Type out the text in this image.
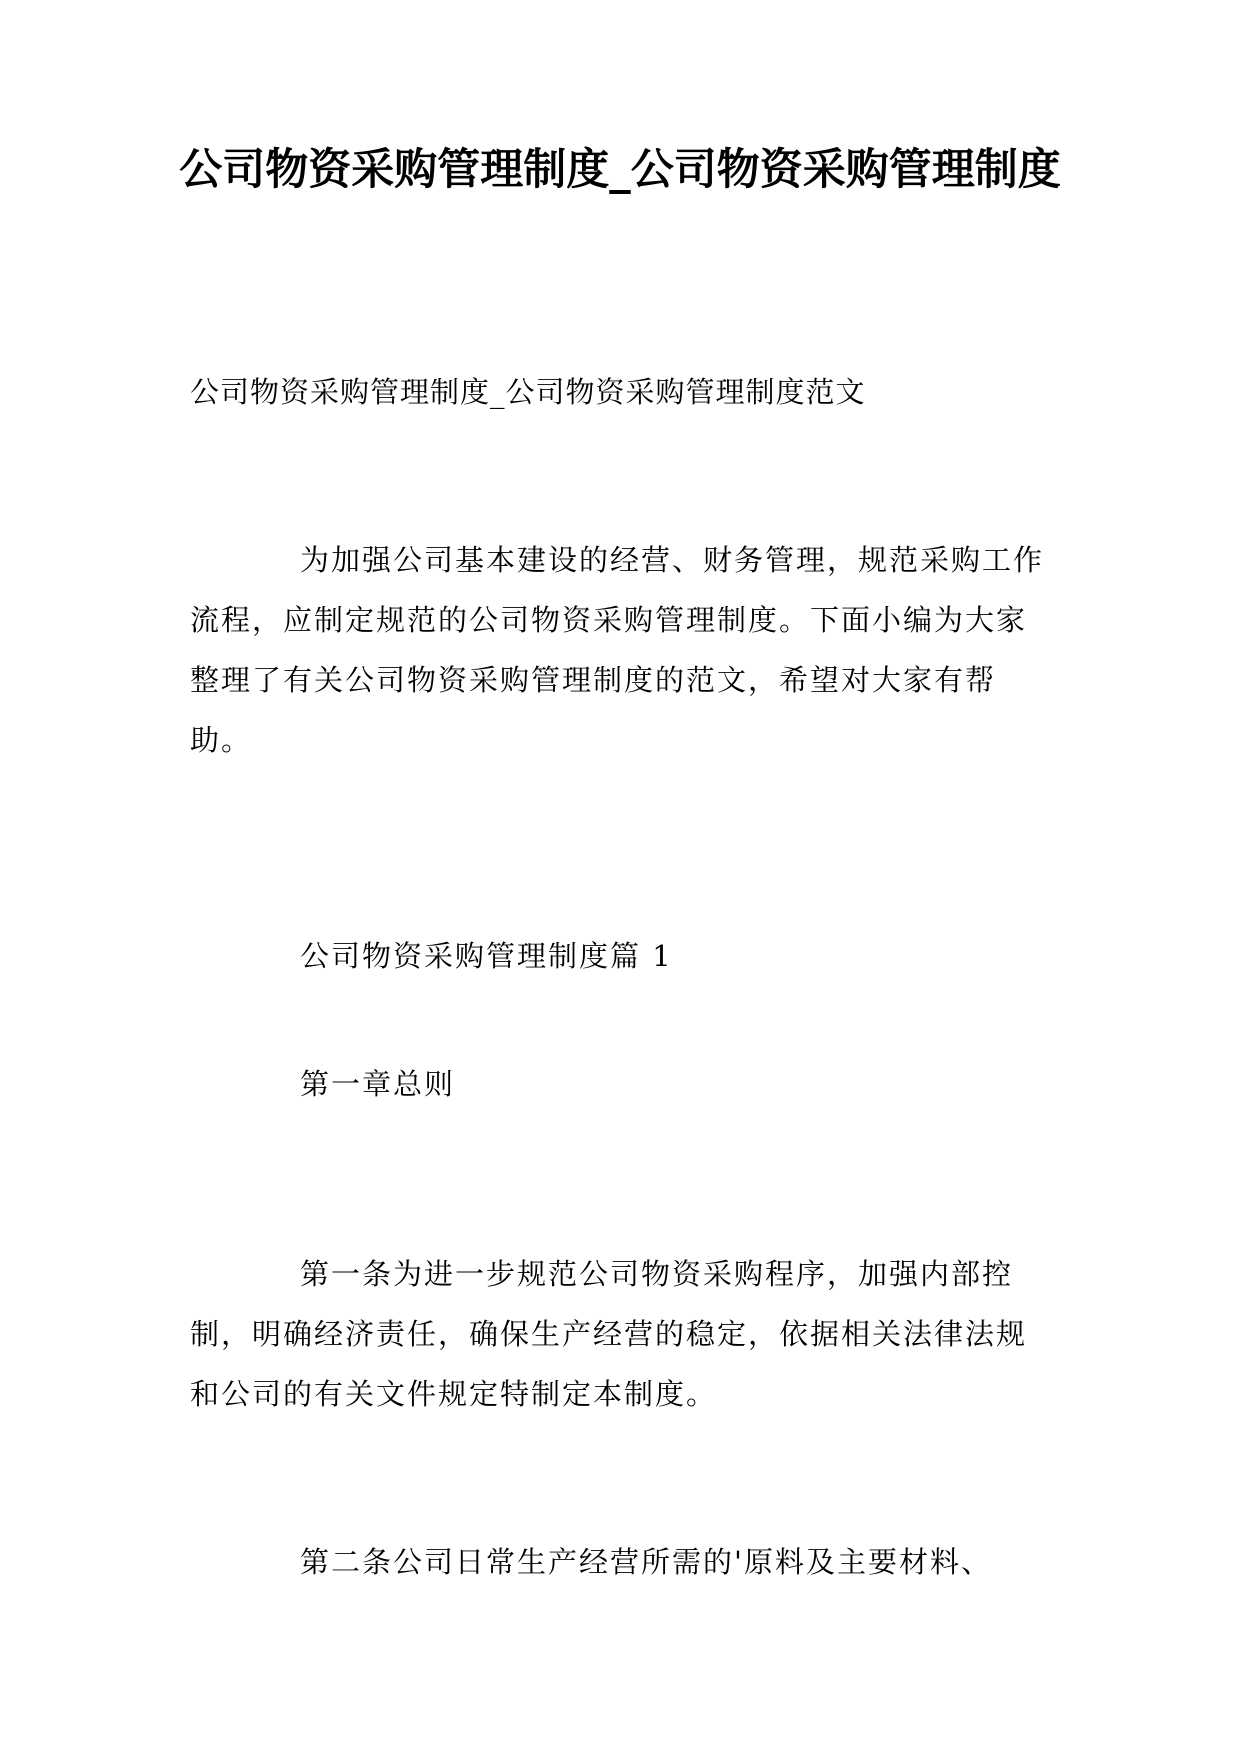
公司物资采购管理制度_公司物资采购管理制度

公司物资采购管理制度_公司物资采购管理制度范文

为加强公司基本建设的经营、财务管理，规范采购工作流程，应制定规范的公司物资采购管理制度。下面小编为大家整理了有关公司物资采购管理制度的范文，希望对大家有帮助。

公司物资采购管理制度篇 1

第一章总则

第一条为进一步规范公司物资采购程序，加强内部控制，明确经济责任，确保生产经营的稳定，依据相关法律法规和公司的有关文件规定特制定本制度。

第二条公司日常生产经营所需的'原料及主要材料、
